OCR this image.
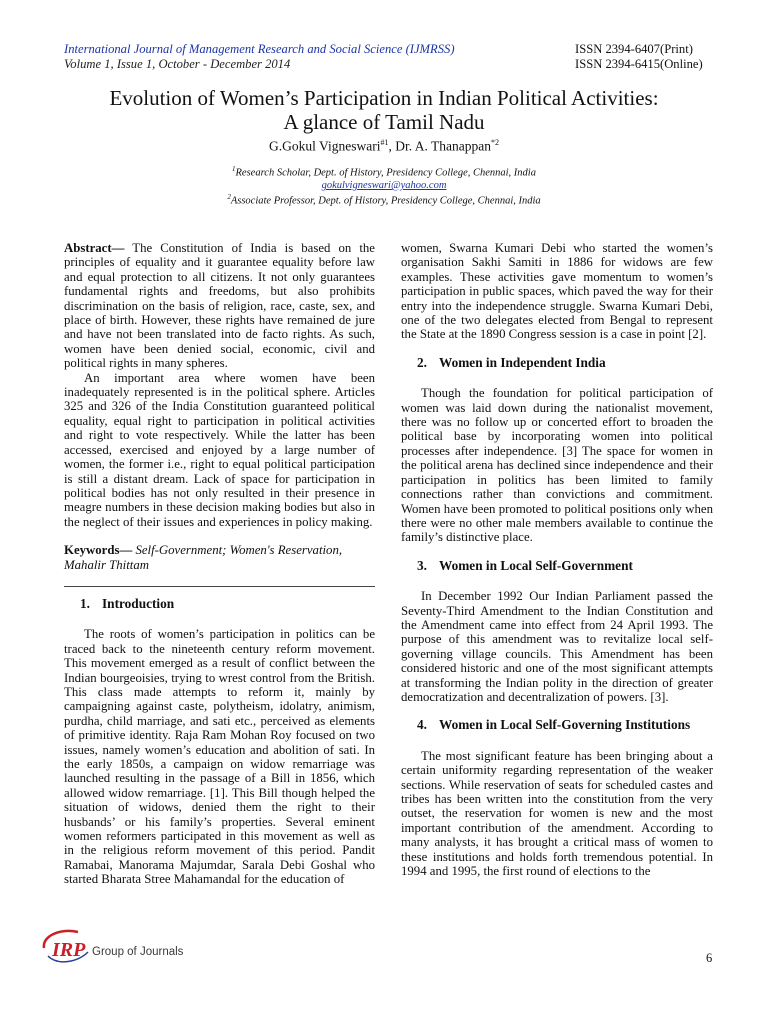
International Journal of Management Research and Social Science (IJMRSS)
Volume 1, Issue 1, October - December 2014
ISSN 2394-6407(Print)
ISSN 2394-6415(Online)
Evolution of Women’s Participation in Indian Political Activities:
A glance of Tamil Nadu
G.Gokul Vigneswari$^{\#1}$, Dr. A. Thanappan$^{*2}$
$^1$Research Scholar, Dept. of History, Presidency College, Chennai, India
gokulvigneswari@yahoo.com
$^2$Associate Professor, Dept. of History, Presidency College, Chennai, India

Abstract— The Constitution of India is based on the principles of equality and it guarantee equality before law and equal protection to all citizens. It not only guarantees fundamental rights and freedoms, but also prohibits discrimination on the basis of religion, race, caste, sex, and place of birth. However, these rights have remained de jure and have not been translated into de facto rights. As such, women have been denied social, economic, civil and political rights in many spheres.

An important area where women have been inadequately represented is in the political sphere. Articles 325 and 326 of the India Constitution guaranteed political equality, equal right to participation in political activities and right to vote respectively. While the latter has been accessed, exercised and enjoyed by a large number of women, the former i.e., right to equal political participation is still a distant dream. Lack of space for participation in political bodies has not only resulted in their presence in meagre numbers in these decision making bodies but also in the neglect of their issues and experiences in policy making.

Keywords— Self-Government; Women's Reservation, Mahalir Thittam

1. Introduction

The roots of women’s participation in politics can be traced back to the nineteenth century reform movement. This movement emerged as a result of conflict between the Indian bourgeoisies, trying to wrest control from the British. This class made attempts to reform it, mainly by campaigning against caste, polytheism, idolatry, animism, purdha, child marriage, and sati etc., perceived as elements of primitive identity. Raja Ram Mohan Roy focused on two issues, namely women’s education and abolition of sati. In the early 1850s, a campaign on widow remarriage was launched resulting in the passage of a Bill in 1856, which allowed widow remarriage. [1]. This Bill though helped the situation of widows, denied them the right to their husbands’ or his family’s properties. Several eminent women reformers participated in this movement as well as in the religious reform movement of this period. Pandit Ramabai, Manorama Majumdar, Sarala Debi Goshal who started Bharata Stree Mahamandal for the education of

women, Swarna Kumari Debi who started the women’s organisation Sakhi Samiti in 1886 for widows are few examples. These activities gave momentum to women’s participation in public spaces, which paved the way for their entry into the independence struggle. Swarna Kumari Debi, one of the two delegates elected from Bengal to represent the State at the 1890 Congress session is a case in point [2].

2. Women in Independent India

Though the foundation for political participation of women was laid down during the nationalist movement, there was no follow up or concerted effort to broaden the political base by incorporating women into political processes after independence. [3] The space for women in the political arena has declined since independence and their participation in politics has been limited to family connections rather than convictions and commitment. Women have been promoted to political positions only when there were no other male members available to continue the family’s distinctive place.

3. Women in Local Self-Government

In December 1992 Our Indian Parliament passed the Seventy-Third Amendment to the Indian Constitution and the Amendment came into effect from 24 April 1993. The purpose of this amendment was to revitalize local self-governing village councils. This Amendment has been considered historic and one of the most significant attempts at transforming the Indian polity in the direction of greater democratization and decentralization of powers. [3].

4. Women in Local Self-Governing Institutions

The most significant feature has been bringing about a certain uniformity regarding representation of the weaker sections. While reservation of seats for scheduled castes and tribes has been written into the constitution from the very outset, the reservation for women is new and the most important contribution of the amendment. According to many analysts, it has brought a critical mass of women to these institutions and holds forth tremendous potential. In 1994 and 1995, the first round of elections to the

IRP Group of Journals	6
